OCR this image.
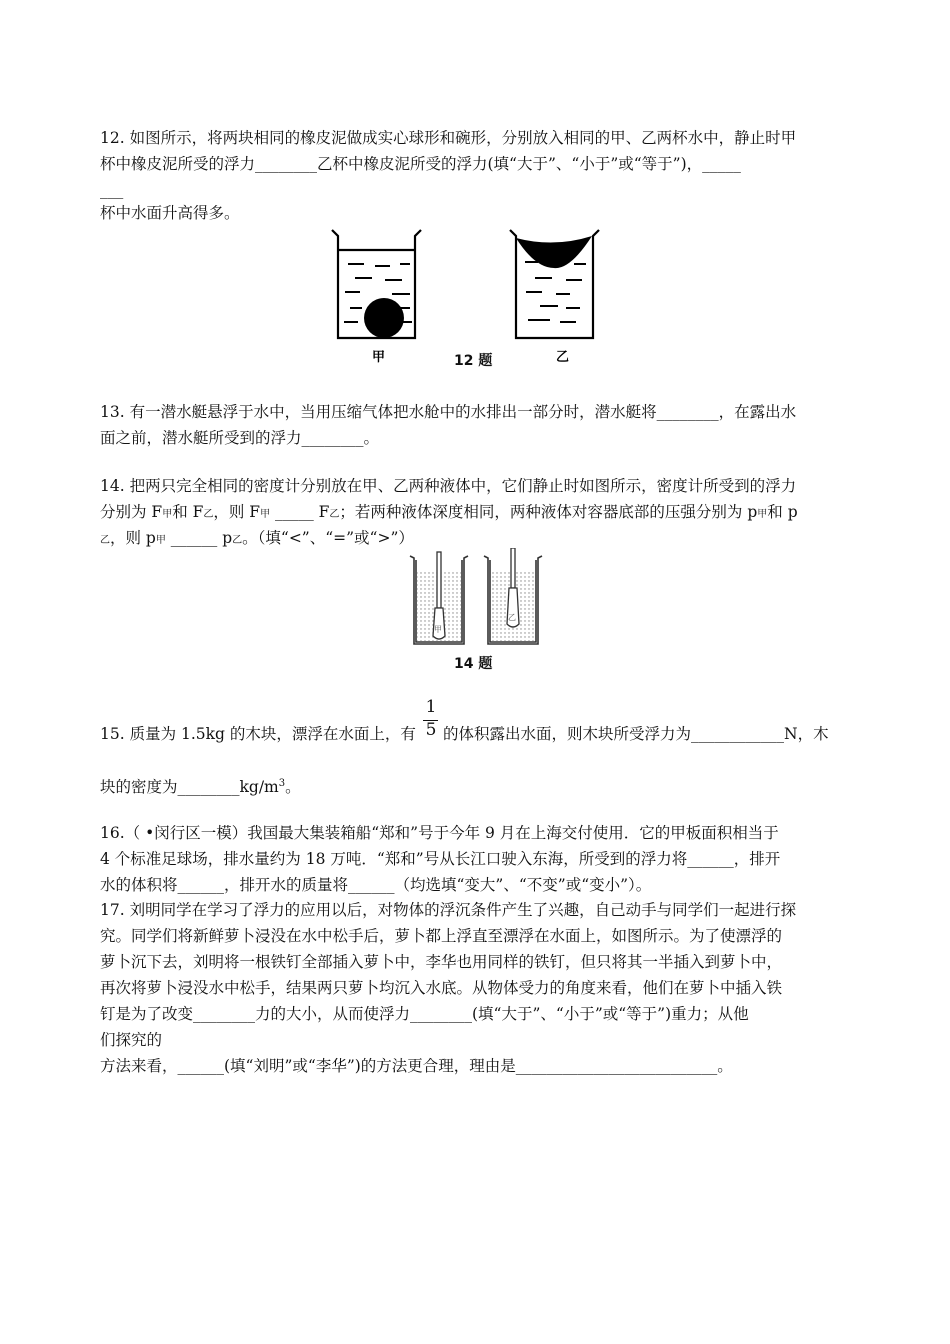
12. 如图所示，将两块相同的橡皮泥做成实心球形和碗形，分别放入相同的甲、乙两杯水中，静止时甲
杯中橡皮泥所受的浮力________乙杯中橡皮泥所受的浮力(填“大于”、“小于”或“等于”)，_____
___
杯中水面升高得多。
甲	乙
12 题
13. 有一潜水艇悬浮于水中，当用压缩气体把水舱中的水排出一部分时，潜水艇将________，在露出水
面之前，潜水艇所受到的浮力________。
14. 把两只完全相同的密度计分别放在甲、乙两种液体中，它们静止时如图所示，密度计所受到的浮力
分别为 F甲和 F乙，则 F甲 _____ F乙；若两种液体深度相同，两种液体对容器底部的压强分别为 p甲和 p
乙，则 p甲 ______ p乙。（填“<”、“=”或“>”）
甲
乙
14 题
1
5
15. 质量为 1.5kg 的木块，漂浮在水面上，有 的体积露出水面，则木块所受浮力为____________N，木
块的密度为$\_\_\_\_\_\_\_\_kg/m^3$。
16.（ •闵行区一模）我国最大集装箱船“郑和”号于今年 9 月在上海交付使用．它的甲板面积相当于
4 个标准足球场，排水量约为 18 万吨．“郑和”号从长江口驶入东海，所受到的浮力将______，排开
水的体积将______，排开水的质量将______（均选填“变大”、“不变”或“变小”）。
17. 刘明同学在学习了浮力的应用以后，对物体的浮沉条件产生了兴趣，自己动手与同学们一起进行探
究。同学们将新鲜萝卜浸没在水中松手后，萝卜都上浮直至漂浮在水面上，如图所示。为了使漂浮的
萝卜沉下去，刘明将一根铁钉全部插入萝卜中，李华也用同样的铁钉，但只将其一半插入到萝卜中，
再次将萝卜浸没水中松手，结果两只萝卜均沉入水底。从物体受力的角度来看，他们在萝卜中插入铁
钉是为了改变________力的大小，从而使浮力________(填“大于”、“小于”或“等于”)重力；从他
们探究的
方法来看，______(填“刘明”或“李华”)的方法更合理，理由是__________________________。
